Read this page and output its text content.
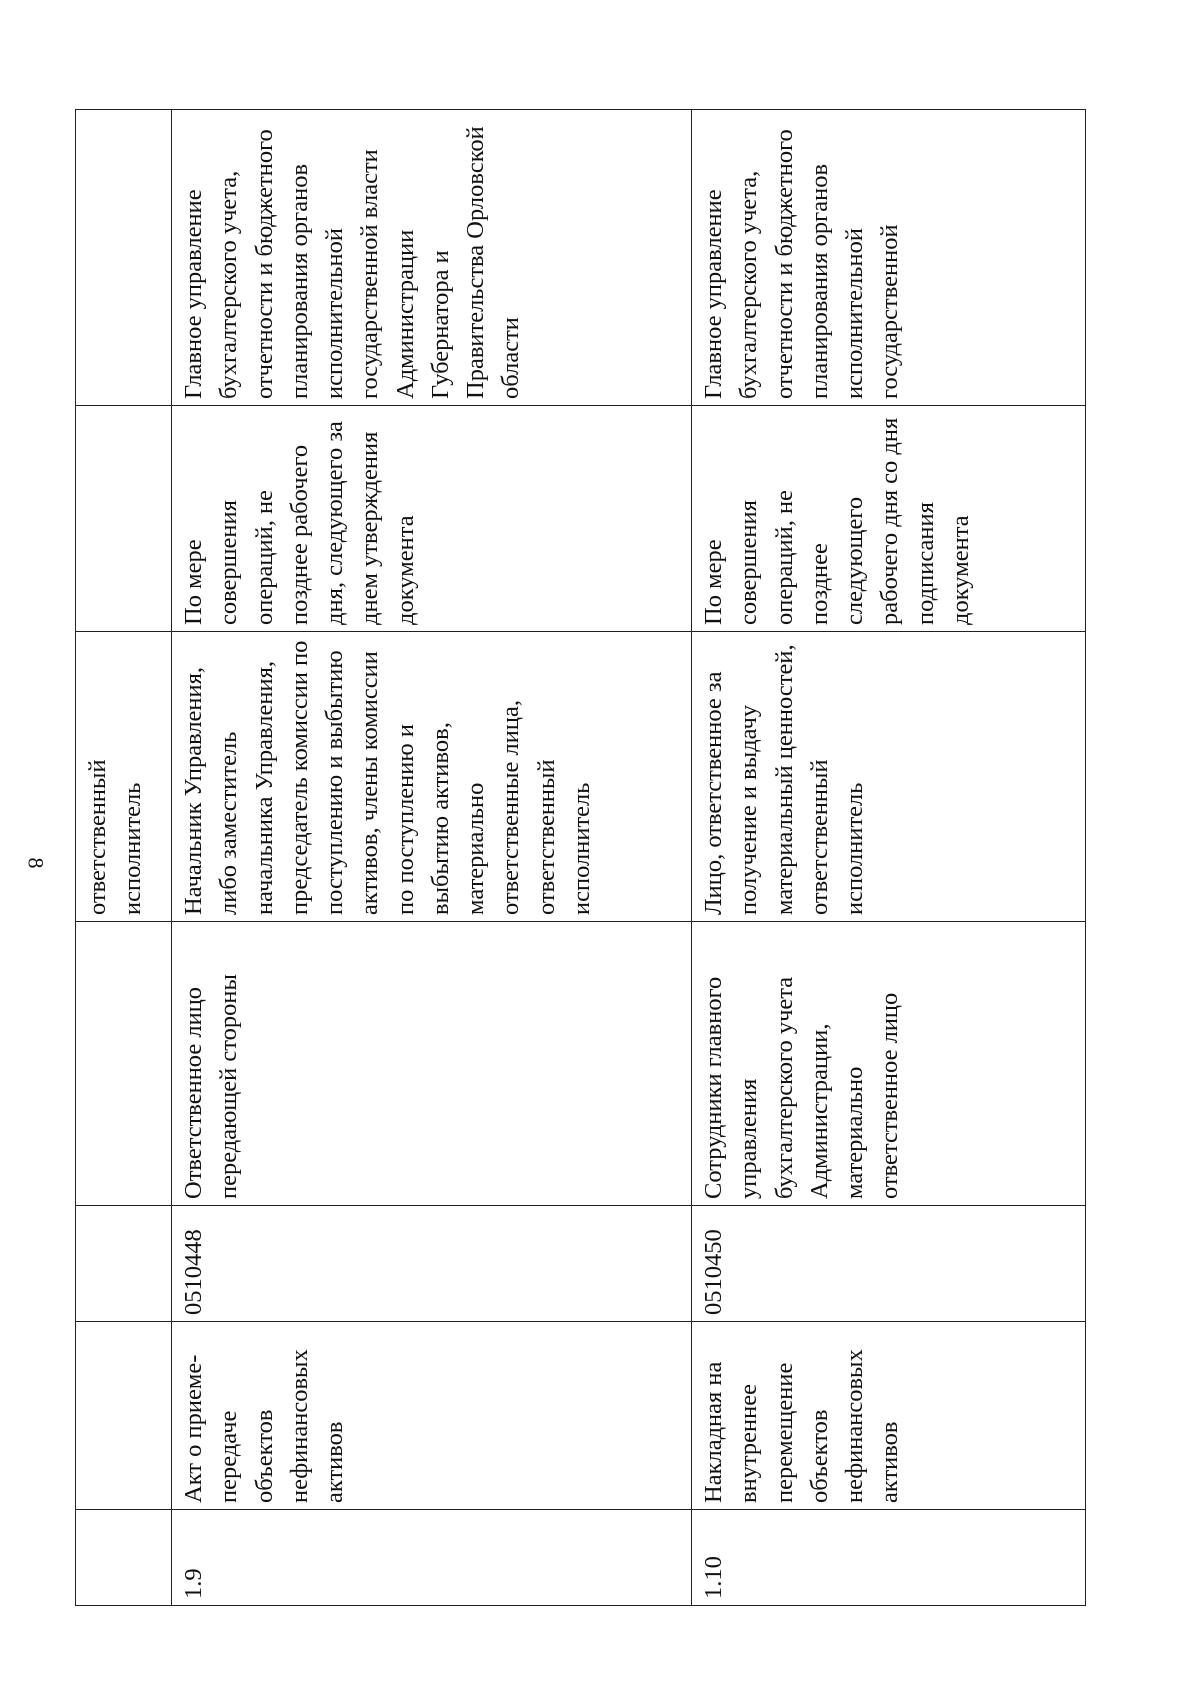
8
				ответственный исполнитель		
1.9	Акт о приеме-передаче объектов нефинансовых активов	0510448	Ответственное лицо передающей стороны	Начальник Управления, либо заместитель начальника Управления, председатель комиссии по поступлению и выбытию активов, члены комиссии по поступлению и выбытию активов, материально ответственные лица, ответственный исполнитель	По мере совершения операций, не позднее рабочего дня, следующего за днем утверждения документа	Главное управление бухгалтерского учета, отчетности и бюджетного планирования органов исполнительной государственной власти Администрации Губернатора и Правительства Орловской области
1.10	Накладная на внутреннее перемещение объектов нефинансовых активов	0510450	Сотрудники главного управления бухгалтерского учета Администрации, материально ответственное лицо	Лицо, ответственное за получение и выдачу материальный ценностей, ответственный исполнитель	По мере совершения операций, не позднее следующего рабочего дня со дня подписания документа	Главное управление бухгалтерского учета, отчетности и бюджетного планирования органов исполнительной государственной
